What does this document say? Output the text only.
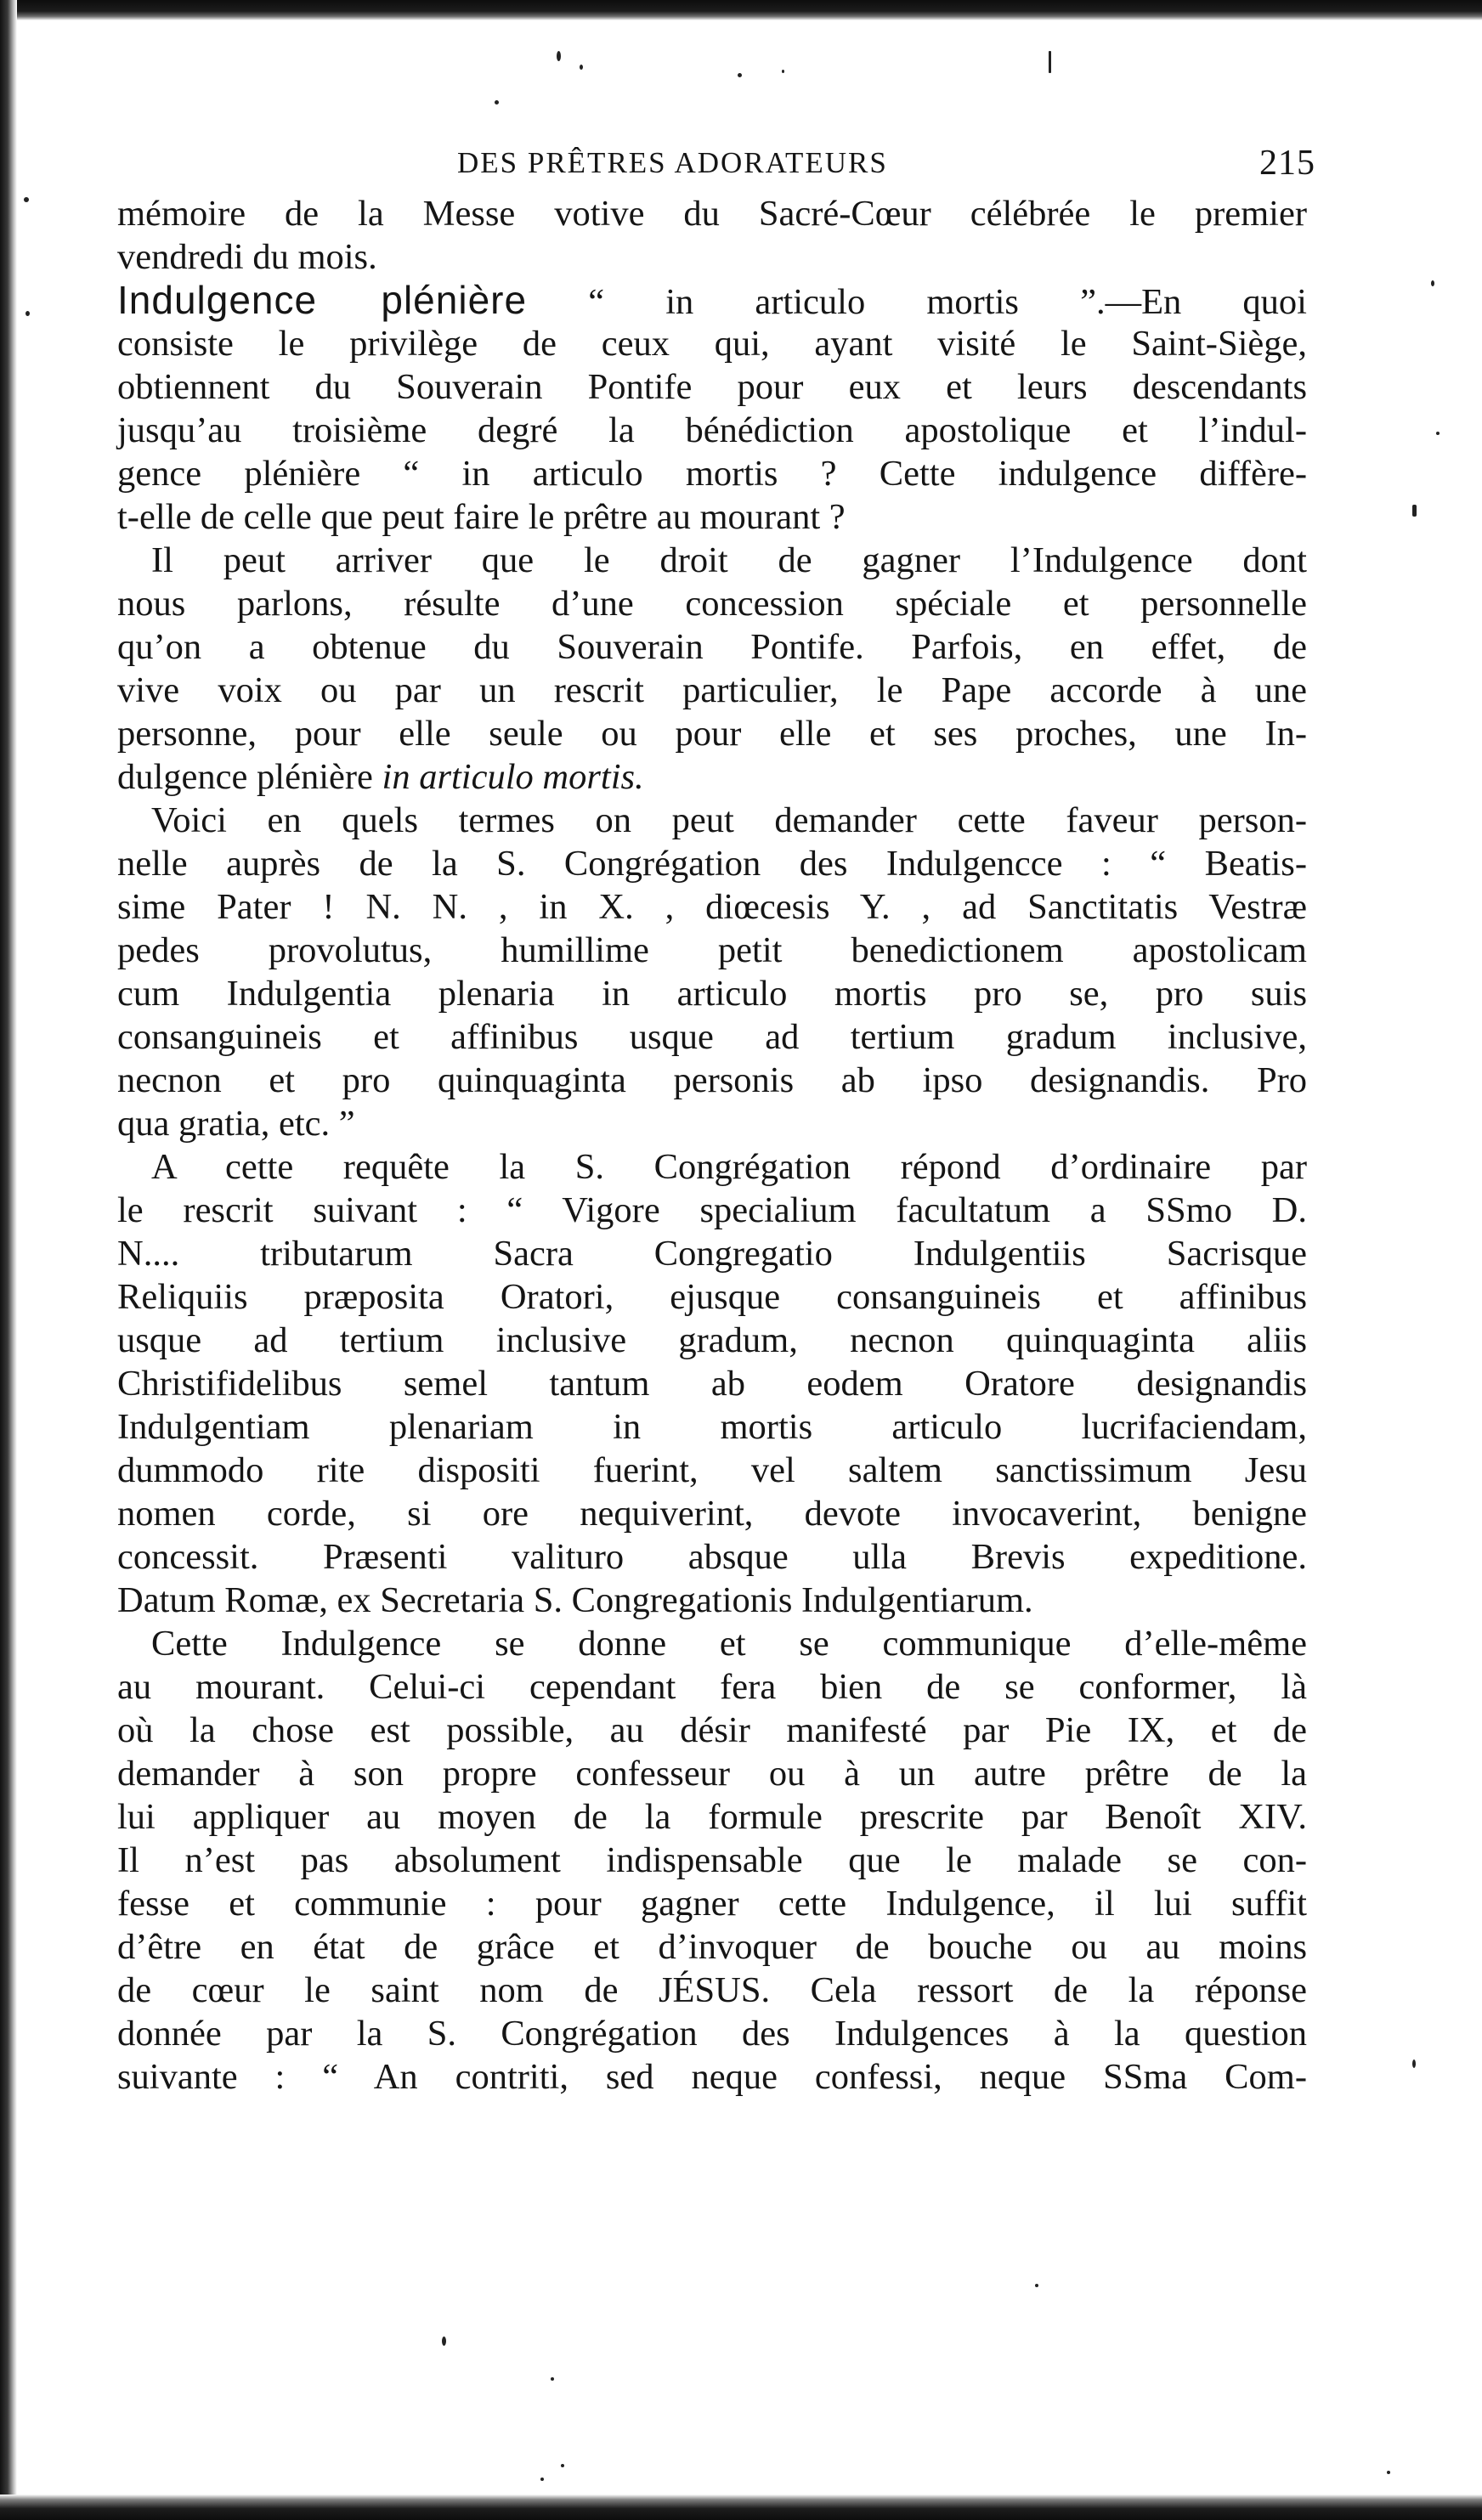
DES PRÊTRES ADORATEURS	215
mémoire de la Messe votive du Sacré-Cœur célébrée le premier
vendredi du mois.
Indulgence plénière “ in articulo mortis ”.—En quoi
consiste le privilège de ceux qui, ayant visité le Saint-Siège,
obtiennent du Souverain Pontife pour eux et leurs descendants
jusqu’au troisième degré la bénédiction apostolique et l’indul-
gence plénière “ in articulo mortis ? Cette indulgence diffère-
t-elle de celle que peut faire le prêtre au mourant ?
Il peut arriver que le droit de gagner l’Indulgence dont
nous parlons, résulte d’une concession spéciale et personnelle
qu’on a obtenue du Souverain Pontife. Parfois, en effet, de
vive voix ou par un rescrit particulier, le Pape accorde à une
personne, pour elle seule ou pour elle et ses proches, une In-
dulgence plénière in articulo mortis.
Voici en quels termes on peut demander cette faveur person-
nelle auprès de la S. Congrégation des Indulgencce : “ Beatis-
sime Pater ! N. N. , in X. , diœcesis Y. , ad Sanctitatis Vestræ
pedes provolutus, humillime petit benedictionem apostolicam
cum Indulgentia plenaria in articulo mortis pro se, pro suis
consanguineis et affinibus usque ad tertium gradum inclusive,
necnon et pro quinquaginta personis ab ipso designandis. Pro
qua gratia, etc. ”
A cette requête la S. Congrégation répond d’ordinaire par
le rescrit suivant : “ Vigore specialium facultatum a SSmo D.
N.... tributarum Sacra Congregatio Indulgentiis Sacrisque
Reliquiis præposita Oratori, ejusque consanguineis et affinibus
usque ad tertium inclusive gradum, necnon quinquaginta aliis
Christifidelibus semel tantum ab eodem Oratore designandis
Indulgentiam plenariam in mortis articulo lucrifaciendam,
dummodo rite dispositi fuerint, vel saltem sanctissimum Jesu
nomen corde, si ore nequiverint, devote invocaverint, benigne
concessit. Præsenti valituro absque ulla Brevis expeditione.
Datum Romæ, ex Secretaria S. Congregationis Indulgentiarum.
Cette Indulgence se donne et se communique d’elle-même
au mourant. Celui-ci cependant fera bien de se conformer, là
où la chose est possible, au désir manifesté par Pie IX, et de
demander à son propre confesseur ou à un autre prêtre de la
lui appliquer au moyen de la formule prescrite par Benoît XIV.
Il n’est pas absolument indispensable que le malade se con-
fesse et communie : pour gagner cette Indulgence, il lui suffit
d’être en état de grâce et d’invoquer de bouche ou au moins
de cœur le saint nom de JÉSUS. Cela ressort de la réponse
donnée par la S. Congrégation des Indulgences à la question
suivante : “ An contriti, sed neque confessi, neque SSma Com-
